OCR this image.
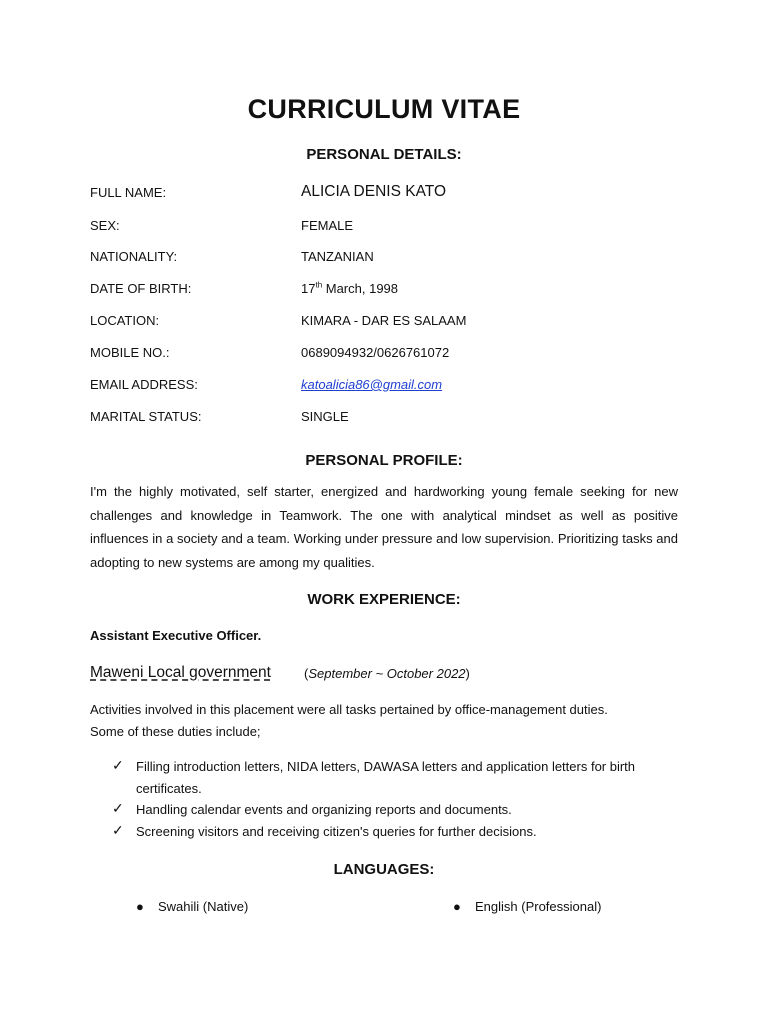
CURRICULUM VITAE
PERSONAL DETAILS:
FULL NAME:	ALICIA DENIS KATO
SEX:	FEMALE
NATIONALITY:	TANZANIAN
DATE OF BIRTH:	17th March, 1998
LOCATION:	KIMARA - DAR ES SALAAM
MOBILE NO.:	0689094932/0626761072
EMAIL ADDRESS:	katoalicia86@gmail.com
MARITAL STATUS:	SINGLE
PERSONAL PROFILE:

I'm the highly motivated, self starter, energized and hardworking young female seeking for new challenges and knowledge in Teamwork. The one with analytical mindset as well as positive influences in a society and a team. Working under pressure and low supervision. Prioritizing tasks and adopting to new systems are among my qualities.

WORK EXPERIENCE:
Assistant Executive Officer.
Maweni Local government	(September ~ October 2022)
Activities involved in this placement were all tasks pertained by office-management duties.
Some of these duties include;
✓ Filling introduction letters, NIDA letters, DAWASA letters and application letters for birth certificates.
✓ Handling calendar events and organizing reports and documents.
✓ Screening visitors and receiving citizen's queries for further decisions.
LANGUAGES:
● Swahili (Native)	● English (Professional)
